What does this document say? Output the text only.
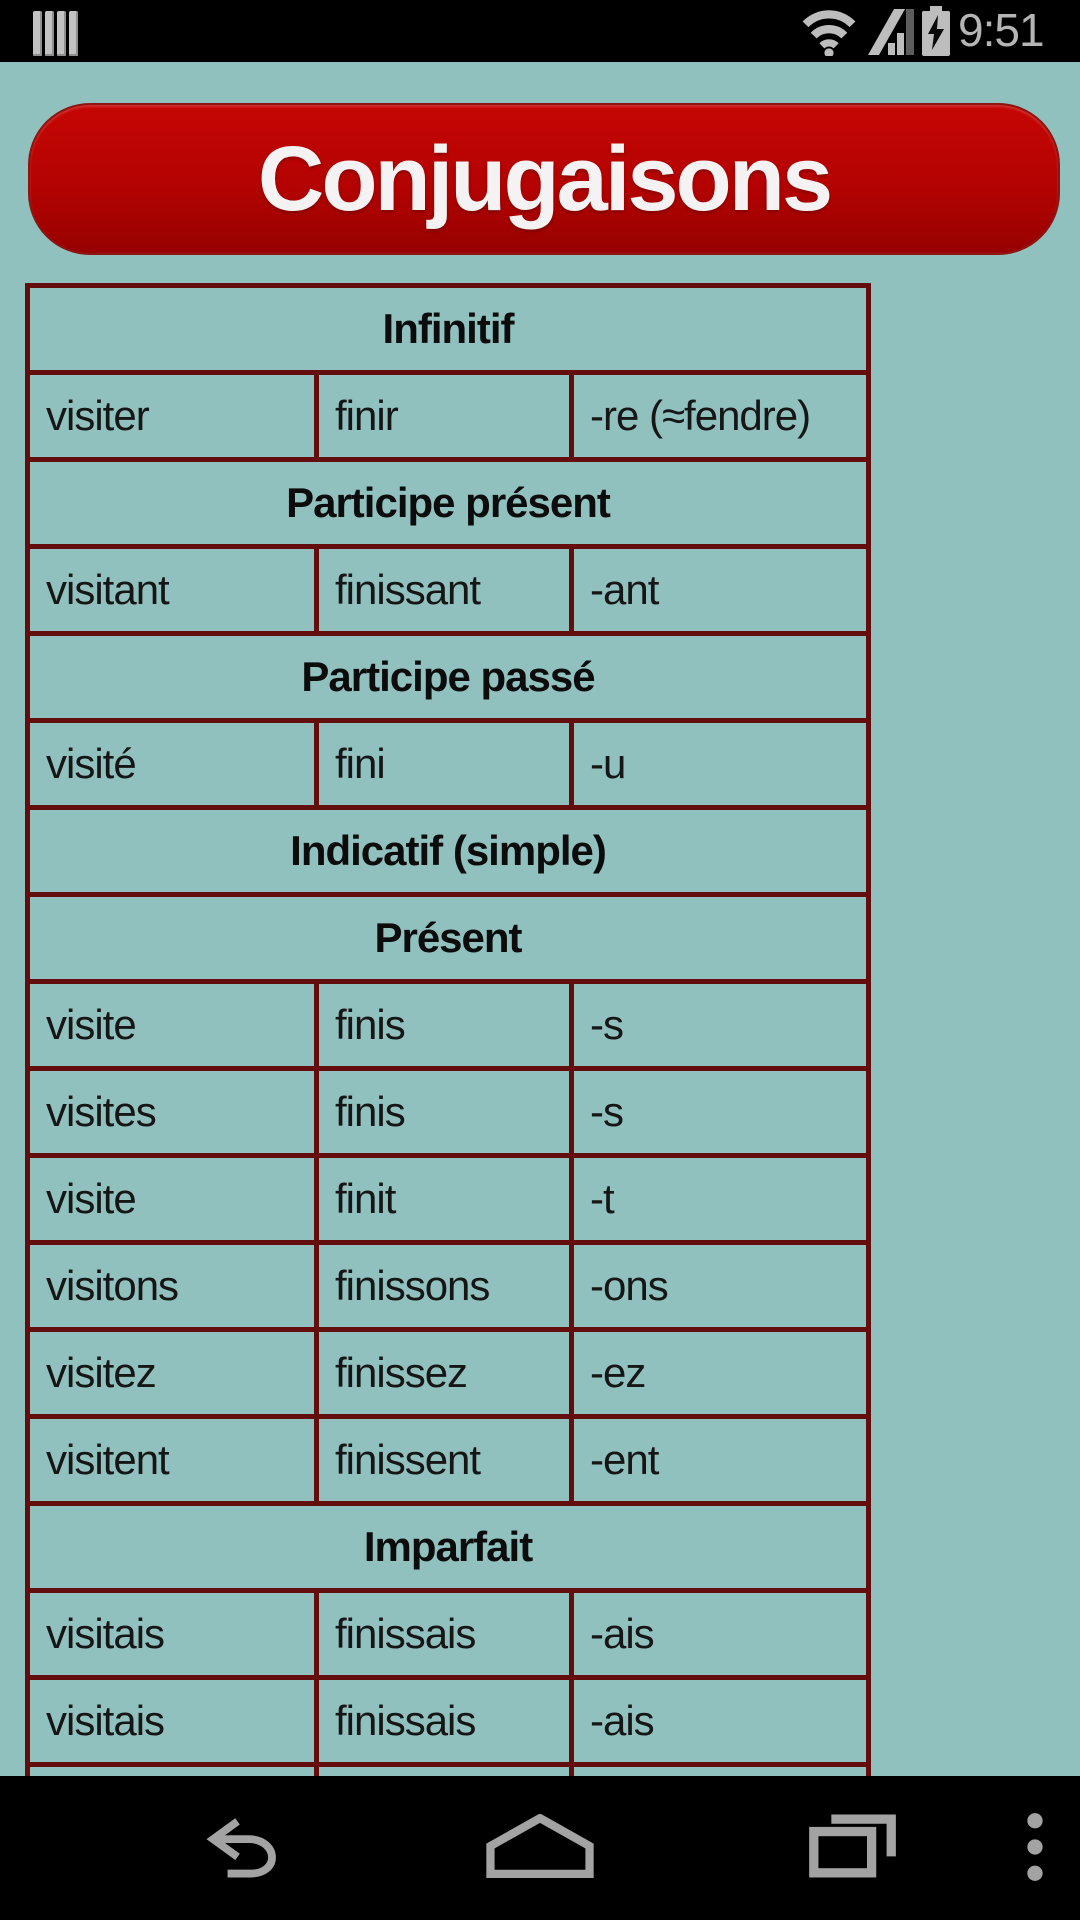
9:51
Conjugaisons
Infinitif		
visiter	finir	-re (≈fendre)
Participe présent		
visitant	finissant	-ant
Participe passé		
visité	fini	-u
Indicatif (simple)		
Présent		
visite	finis	-s
visites	finis	-s
visite	finit	-t
visitons	finissons	-ons
visitez	finissez	-ez
visitent	finissent	-ent
Imparfait		
visitais	finissais	-ais
visitais	finissais	-ais
